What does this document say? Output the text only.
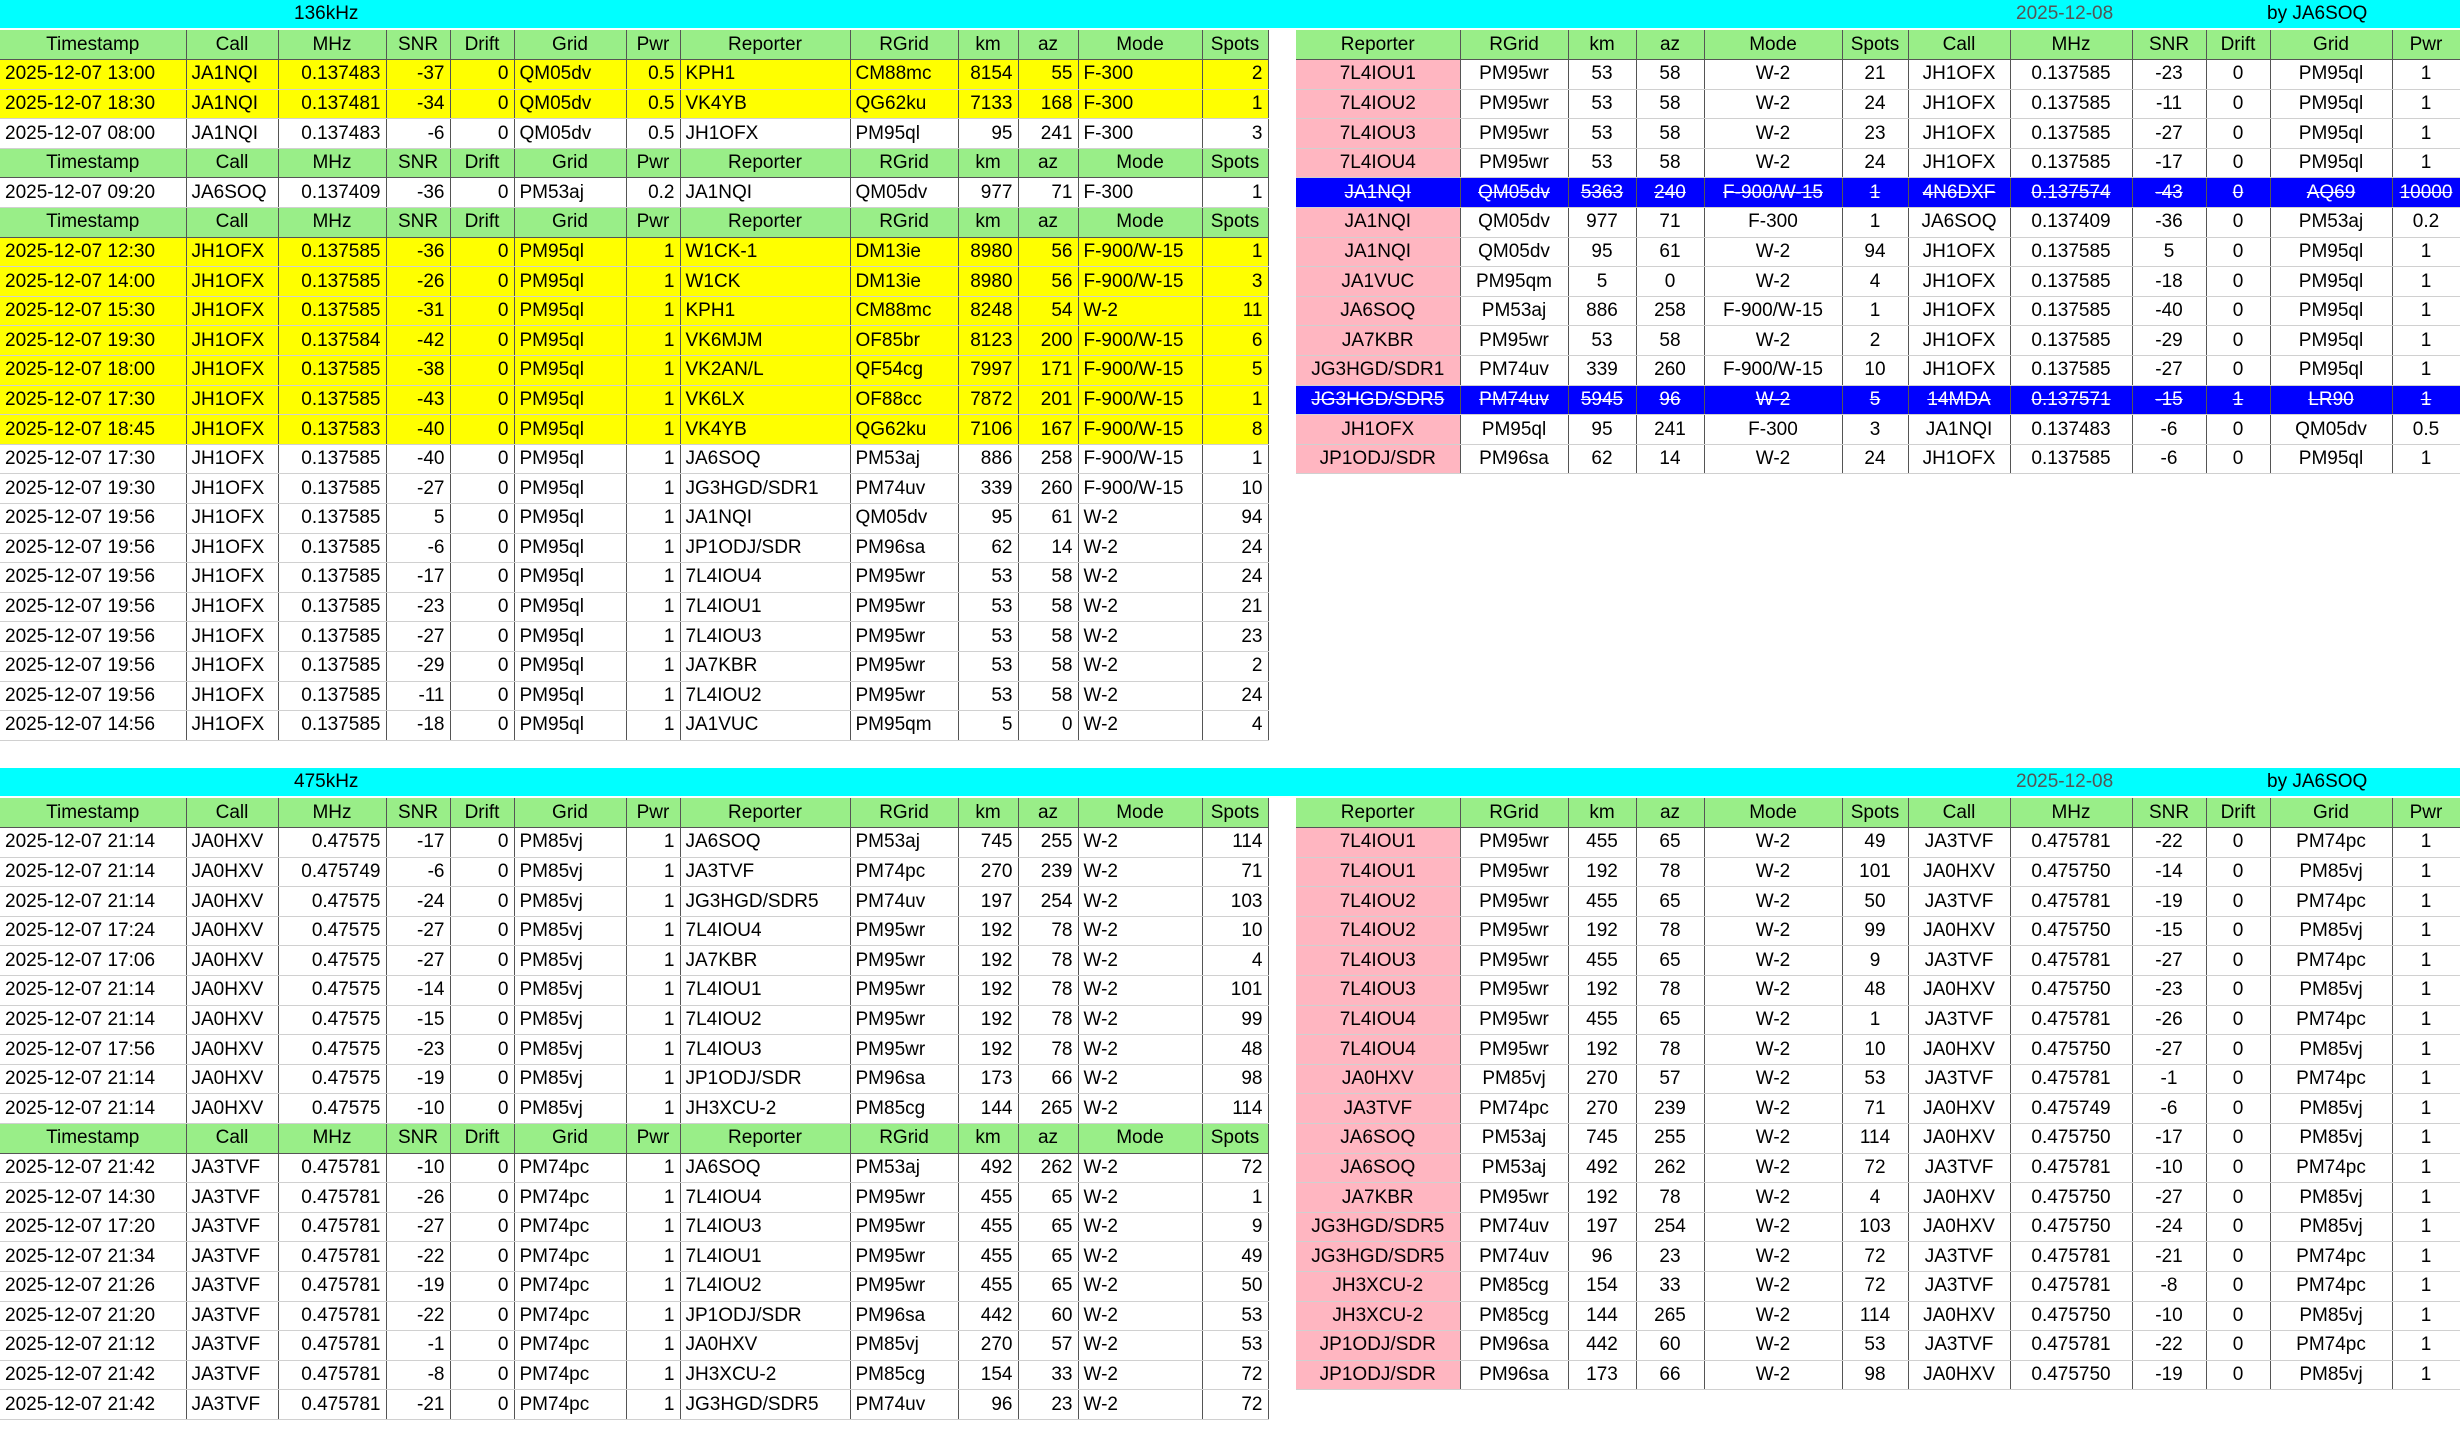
136kHz	2025-12-08	by JA6SOQ
Timestamp	Call	MHz	SNR	Drift	Grid	Pwr	Reporter	RGrid	km	az	Mode	Spots
2025-12-07 13:00	JA1NQI	0.137483	-37	0	QM05dv	0.5	KPH1	CM88mc	8154	55	F-300	2
2025-12-07 18:30	JA1NQI	0.137481	-34	0	QM05dv	0.5	VK4YB	QG62ku	7133	168	F-300	1
2025-12-07 08:00	JA1NQI	0.137483	-6	0	QM05dv	0.5	JH1OFX	PM95ql	95	241	F-300	3
Timestamp	Call	MHz	SNR	Drift	Grid	Pwr	Reporter	RGrid	km	az	Mode	Spots
2025-12-07 09:20	JA6SOQ	0.137409	-36	0	PM53aj	0.2	JA1NQI	QM05dv	977	71	F-300	1
Timestamp	Call	MHz	SNR	Drift	Grid	Pwr	Reporter	RGrid	km	az	Mode	Spots
2025-12-07 12:30	JH1OFX	0.137585	-36	0	PM95ql	1	W1CK-1	DM13ie	8980	56	F-900/W-15	1
2025-12-07 14:00	JH1OFX	0.137585	-26	0	PM95ql	1	W1CK	DM13ie	8980	56	F-900/W-15	3
2025-12-07 15:30	JH1OFX	0.137585	-31	0	PM95ql	1	KPH1	CM88mc	8248	54	W-2	11
2025-12-07 19:30	JH1OFX	0.137584	-42	0	PM95ql	1	VK6MJM	OF85br	8123	200	F-900/W-15	6
2025-12-07 18:00	JH1OFX	0.137585	-38	0	PM95ql	1	VK2AN/L	QF54cg	7997	171	F-900/W-15	5
2025-12-07 17:30	JH1OFX	0.137585	-43	0	PM95ql	1	VK6LX	OF88cc	7872	201	F-900/W-15	1
2025-12-07 18:45	JH1OFX	0.137583	-40	0	PM95ql	1	VK4YB	QG62ku	7106	167	F-900/W-15	8
2025-12-07 17:30	JH1OFX	0.137585	-40	0	PM95ql	1	JA6SOQ	PM53aj	886	258	F-900/W-15	1
2025-12-07 19:30	JH1OFX	0.137585	-27	0	PM95ql	1	JG3HGD/SDR1	PM74uv	339	260	F-900/W-15	10
2025-12-07 19:56	JH1OFX	0.137585	5	0	PM95ql	1	JA1NQI	QM05dv	95	61	W-2	94
2025-12-07 19:56	JH1OFX	0.137585	-6	0	PM95ql	1	JP1ODJ/SDR	PM96sa	62	14	W-2	24
2025-12-07 19:56	JH1OFX	0.137585	-17	0	PM95ql	1	7L4IOU4	PM95wr	53	58	W-2	24
2025-12-07 19:56	JH1OFX	0.137585	-23	0	PM95ql	1	7L4IOU1	PM95wr	53	58	W-2	21
2025-12-07 19:56	JH1OFX	0.137585	-27	0	PM95ql	1	7L4IOU3	PM95wr	53	58	W-2	23
2025-12-07 19:56	JH1OFX	0.137585	-29	0	PM95ql	1	JA7KBR	PM95wr	53	58	W-2	2
2025-12-07 19:56	JH1OFX	0.137585	-11	0	PM95ql	1	7L4IOU2	PM95wr	53	58	W-2	24
2025-12-07 14:56	JH1OFX	0.137585	-18	0	PM95ql	1	JA1VUC	PM95qm	5	0	W-2	4
Reporter	RGrid	km	az	Mode	Spots	Call	MHz	SNR	Drift	Grid	Pwr
7L4IOU1	PM95wr	53	58	W-2	21	JH1OFX	0.137585	-23	0	PM95ql	1
7L4IOU2	PM95wr	53	58	W-2	24	JH1OFX	0.137585	-11	0	PM95ql	1
7L4IOU3	PM95wr	53	58	W-2	23	JH1OFX	0.137585	-27	0	PM95ql	1
7L4IOU4	PM95wr	53	58	W-2	24	JH1OFX	0.137585	-17	0	PM95ql	1
JA1NQI	QM05dv	5363	240	F-900/W-15	1	4N6DXF	0.137574	-43	0	AQ69	10000
JA1NQI	QM05dv	977	71	F-300	1	JA6SOQ	0.137409	-36	0	PM53aj	0.2
JA1NQI	QM05dv	95	61	W-2	94	JH1OFX	0.137585	5	0	PM95ql	1
JA1VUC	PM95qm	5	0	W-2	4	JH1OFX	0.137585	-18	0	PM95ql	1
JA6SOQ	PM53aj	886	258	F-900/W-15	1	JH1OFX	0.137585	-40	0	PM95ql	1
JA7KBR	PM95wr	53	58	W-2	2	JH1OFX	0.137585	-29	0	PM95ql	1
JG3HGD/SDR1	PM74uv	339	260	F-900/W-15	10	JH1OFX	0.137585	-27	0	PM95ql	1
JG3HGD/SDR5	PM74uv	5945	96	W-2	5	14MDA	0.137571	-15	1	LR90	1
JH1OFX	PM95ql	95	241	F-300	3	JA1NQI	0.137483	-6	0	QM05dv	0.5
JP1ODJ/SDR	PM96sa	62	14	W-2	24	JH1OFX	0.137585	-6	0	PM95ql	1
475kHz	2025-12-08	by JA6SOQ
Timestamp	Call	MHz	SNR	Drift	Grid	Pwr	Reporter	RGrid	km	az	Mode	Spots
2025-12-07 21:14	JA0HXV	0.47575	-17	0	PM85vj	1	JA6SOQ	PM53aj	745	255	W-2	114
2025-12-07 21:14	JA0HXV	0.475749	-6	0	PM85vj	1	JA3TVF	PM74pc	270	239	W-2	71
2025-12-07 21:14	JA0HXV	0.47575	-24	0	PM85vj	1	JG3HGD/SDR5	PM74uv	197	254	W-2	103
2025-12-07 17:24	JA0HXV	0.47575	-27	0	PM85vj	1	7L4IOU4	PM95wr	192	78	W-2	10
2025-12-07 17:06	JA0HXV	0.47575	-27	0	PM85vj	1	JA7KBR	PM95wr	192	78	W-2	4
2025-12-07 21:14	JA0HXV	0.47575	-14	0	PM85vj	1	7L4IOU1	PM95wr	192	78	W-2	101
2025-12-07 21:14	JA0HXV	0.47575	-15	0	PM85vj	1	7L4IOU2	PM95wr	192	78	W-2	99
2025-12-07 17:56	JA0HXV	0.47575	-23	0	PM85vj	1	7L4IOU3	PM95wr	192	78	W-2	48
2025-12-07 21:14	JA0HXV	0.47575	-19	0	PM85vj	1	JP1ODJ/SDR	PM96sa	173	66	W-2	98
2025-12-07 21:14	JA0HXV	0.47575	-10	0	PM85vj	1	JH3XCU-2	PM85cg	144	265	W-2	114
Timestamp	Call	MHz	SNR	Drift	Grid	Pwr	Reporter	RGrid	km	az	Mode	Spots
2025-12-07 21:42	JA3TVF	0.475781	-10	0	PM74pc	1	JA6SOQ	PM53aj	492	262	W-2	72
2025-12-07 14:30	JA3TVF	0.475781	-26	0	PM74pc	1	7L4IOU4	PM95wr	455	65	W-2	1
2025-12-07 17:20	JA3TVF	0.475781	-27	0	PM74pc	1	7L4IOU3	PM95wr	455	65	W-2	9
2025-12-07 21:34	JA3TVF	0.475781	-22	0	PM74pc	1	7L4IOU1	PM95wr	455	65	W-2	49
2025-12-07 21:26	JA3TVF	0.475781	-19	0	PM74pc	1	7L4IOU2	PM95wr	455	65	W-2	50
2025-12-07 21:20	JA3TVF	0.475781	-22	0	PM74pc	1	JP1ODJ/SDR	PM96sa	442	60	W-2	53
2025-12-07 21:12	JA3TVF	0.475781	-1	0	PM74pc	1	JA0HXV	PM85vj	270	57	W-2	53
2025-12-07 21:42	JA3TVF	0.475781	-8	0	PM74pc	1	JH3XCU-2	PM85cg	154	33	W-2	72
2025-12-07 21:42	JA3TVF	0.475781	-21	0	PM74pc	1	JG3HGD/SDR5	PM74uv	96	23	W-2	72
Reporter	RGrid	km	az	Mode	Spots	Call	MHz	SNR	Drift	Grid	Pwr
7L4IOU1	PM95wr	455	65	W-2	49	JA3TVF	0.475781	-22	0	PM74pc	1
7L4IOU1	PM95wr	192	78	W-2	101	JA0HXV	0.475750	-14	0	PM85vj	1
7L4IOU2	PM95wr	455	65	W-2	50	JA3TVF	0.475781	-19	0	PM74pc	1
7L4IOU2	PM95wr	192	78	W-2	99	JA0HXV	0.475750	-15	0	PM85vj	1
7L4IOU3	PM95wr	455	65	W-2	9	JA3TVF	0.475781	-27	0	PM74pc	1
7L4IOU3	PM95wr	192	78	W-2	48	JA0HXV	0.475750	-23	0	PM85vj	1
7L4IOU4	PM95wr	455	65	W-2	1	JA3TVF	0.475781	-26	0	PM74pc	1
7L4IOU4	PM95wr	192	78	W-2	10	JA0HXV	0.475750	-27	0	PM85vj	1
JA0HXV	PM85vj	270	57	W-2	53	JA3TVF	0.475781	-1	0	PM74pc	1
JA3TVF	PM74pc	270	239	W-2	71	JA0HXV	0.475749	-6	0	PM85vj	1
JA6SOQ	PM53aj	745	255	W-2	114	JA0HXV	0.475750	-17	0	PM85vj	1
JA6SOQ	PM53aj	492	262	W-2	72	JA3TVF	0.475781	-10	0	PM74pc	1
JA7KBR	PM95wr	192	78	W-2	4	JA0HXV	0.475750	-27	0	PM85vj	1
JG3HGD/SDR5	PM74uv	197	254	W-2	103	JA0HXV	0.475750	-24	0	PM85vj	1
JG3HGD/SDR5	PM74uv	96	23	W-2	72	JA3TVF	0.475781	-21	0	PM74pc	1
JH3XCU-2	PM85cg	154	33	W-2	72	JA3TVF	0.475781	-8	0	PM74pc	1
JH3XCU-2	PM85cg	144	265	W-2	114	JA0HXV	0.475750	-10	0	PM85vj	1
JP1ODJ/SDR	PM96sa	442	60	W-2	53	JA3TVF	0.475781	-22	0	PM74pc	1
JP1ODJ/SDR	PM96sa	173	66	W-2	98	JA0HXV	0.475750	-19	0	PM85vj	1
